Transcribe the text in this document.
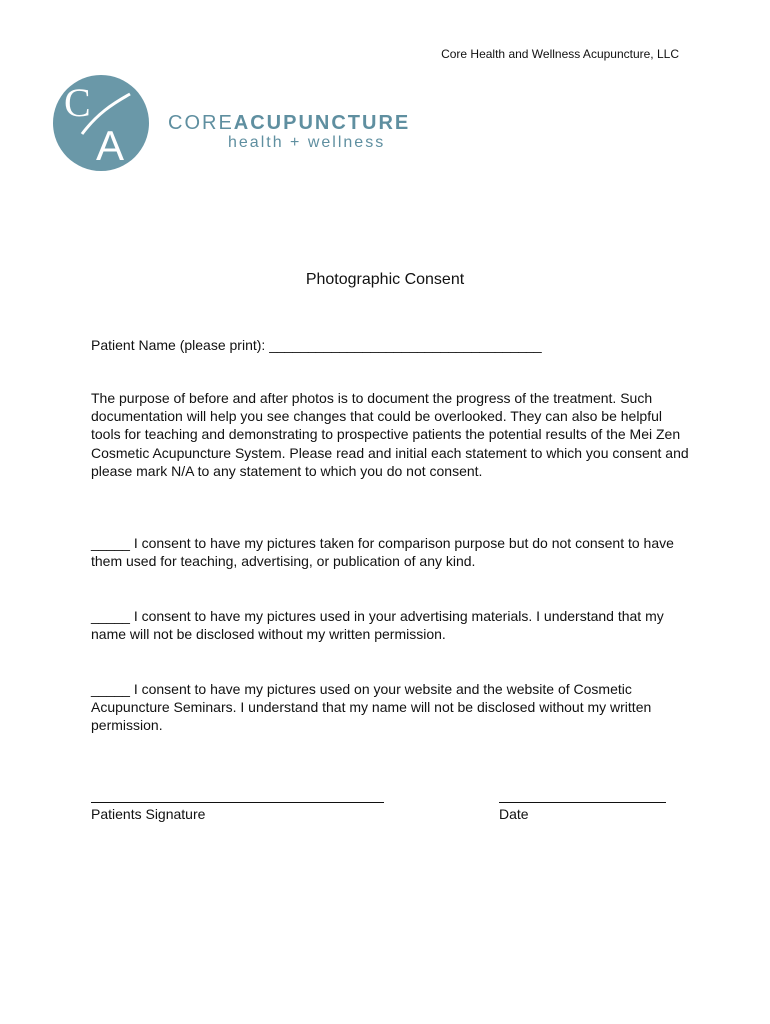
Core Health and Wellness Acupuncture, LLC
C
A COREACUPUNCTURE
health + wellness
Photographic Consent
Patient Name (please print): ___________________________________
The purpose of before and after photos is to document the progress of the treatment. Such documentation will help you see changes that could be overlooked. They can also be helpful tools for teaching and demonstrating to prospective patients the potential results of the Mei Zen Cosmetic Acupuncture System. Please read and initial each statement to which you consent and please mark N/A to any statement to which you do not consent.
_____ I consent to have my pictures taken for comparison purpose but do not consent to have them used for teaching, advertising, or publication of any kind.
_____ I consent to have my pictures used in your advertising materials. I understand that my name will not be disclosed without my written permission.
_____ I consent to have my pictures used on your website and the website of Cosmetic Acupuncture Seminars. I understand that my name will not be disclosed without my written permission.
Patients Signature	Date
